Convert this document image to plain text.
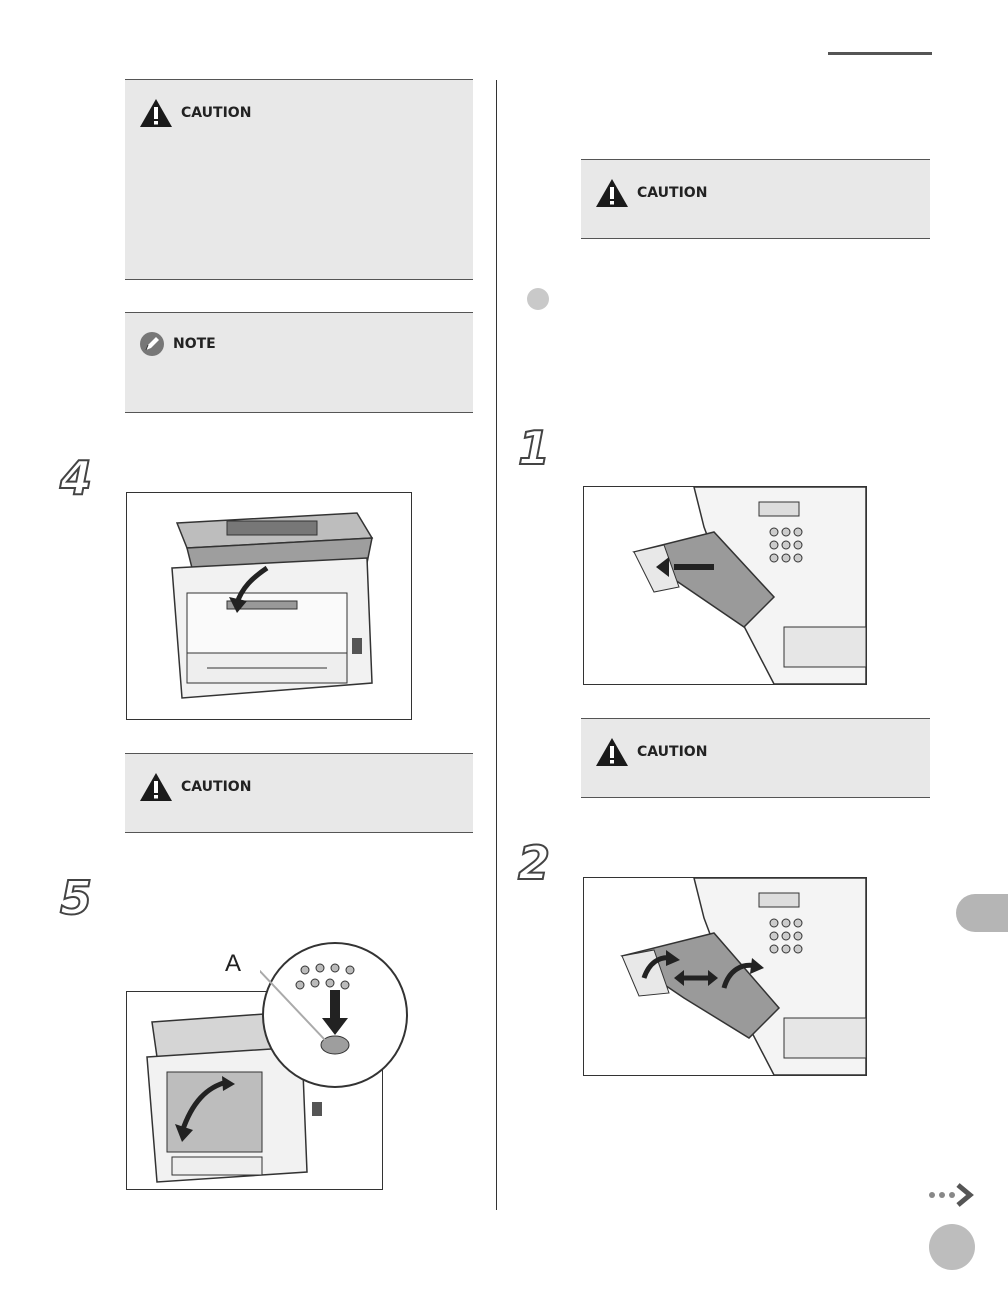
CAUTION
NOTE
4
CAUTION
5
A
CAUTION
1
CAUTION
2
